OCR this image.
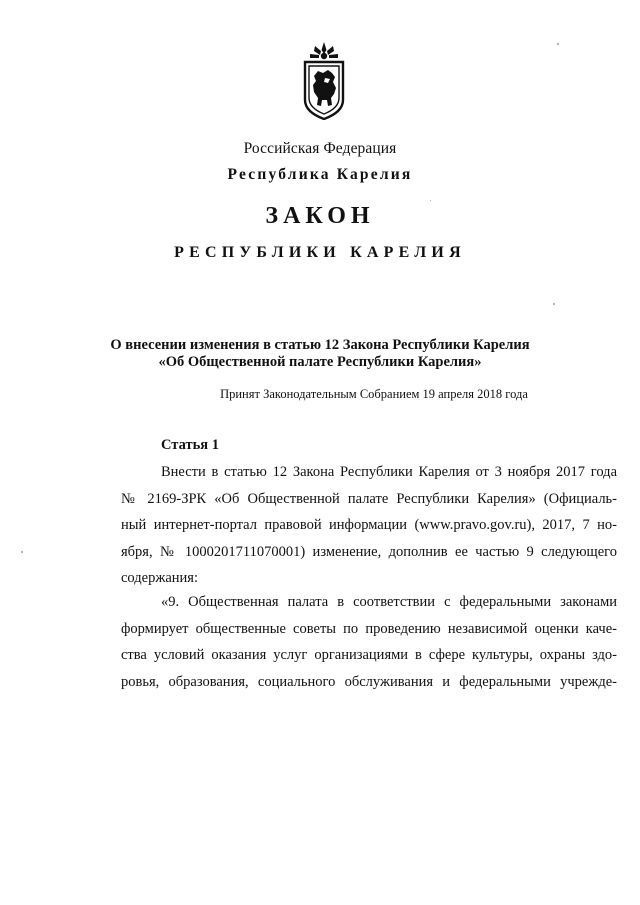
Российская Федерация
Республика Карелия
ЗАКОН
РЕСПУБЛИКИ КАРЕЛИЯ
О внесении изменения в статью 12 Закона Республики Карелия
«Об Общественной палате Республики Карелия»
Принят Законодательным Собранием 19 апреля 2018 года
Статья 1
Внести в статью 12 Закона Республики Карелия от 3 ноября 2017 года
№ 2169-ЗРК «Об Общественной палате Республики Карелия» (Официаль-
ный интернет-портал правовой информации (www.pravo.gov.ru), 2017, 7 но-
ября, № 1000201711070001) изменение, дополнив ее частью 9 следующего
содержания:
«9. Общественная палата в соответствии с федеральными законами
формирует общественные советы по проведению независимой оценки каче-
ства условий оказания услуг организациями в сфере культуры, охраны здо-
ровья, образования, социального обслуживания и федеральными учрежде-
